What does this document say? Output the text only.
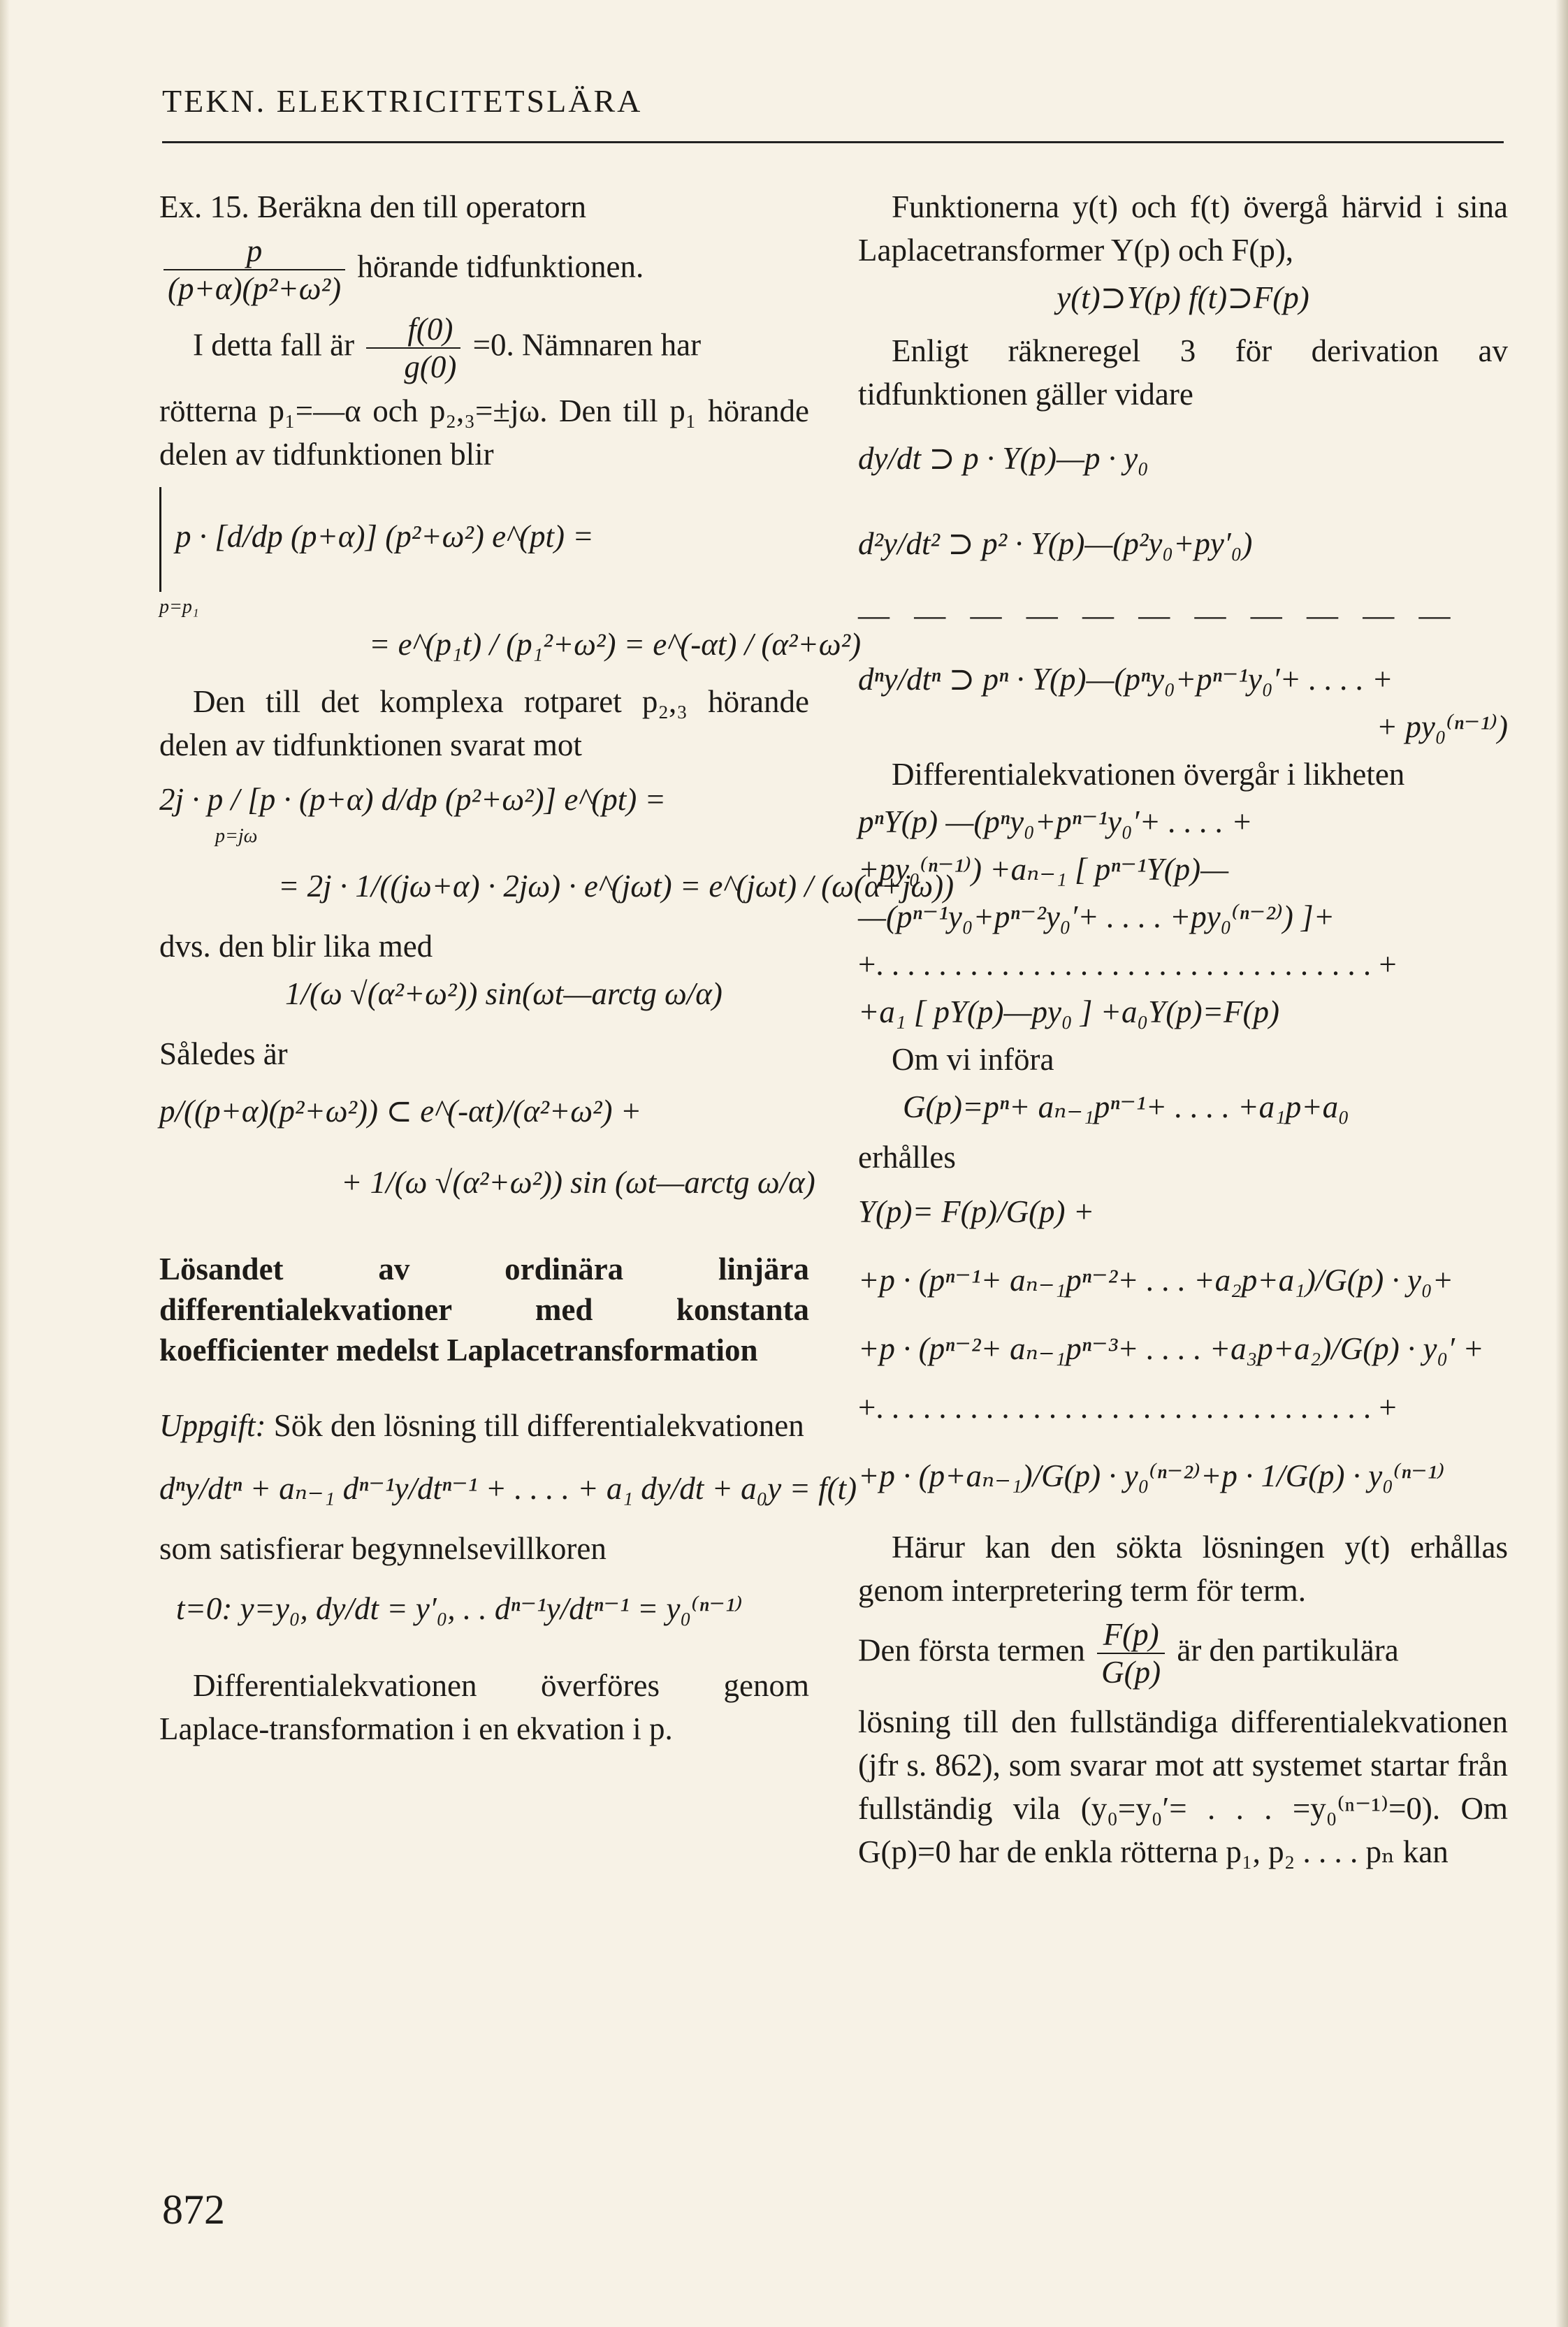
TEKN. ELEKTRICITETSLÄRA

Ex. 15. Beräkna den till operatorn

$\frac{p}{\text{(p+α)(p²+ω²)}}$ hörande tidfunktionen.
I detta fall är $\frac{f(0)}{g(0)} =0$. Nämnaren har

rötterna p₁=—α och p₂,₃=±jω. Den till p₁ hörande delen av tidfunktionen blir

p · [d/dp (p+α)] (p²+ω²) e^(pt) =
p=p₁
= e^(p₁t) / (p₁²+ω²) = e^(-αt) / (α²+ω²)

Den till det komplexa rotparet p₂,₃ hörande delen av tidfunktionen svarat mot

2j · p / [p · (p+α) d/dp (p²+ω²)] e^(pt) =
p=jω
= 2j · 1/((jω+α) · 2jω) · e^(jωt) = e^(jωt) / (ω(α+jω))

dvs. den blir lika med

1/(ω √(α²+ω²)) sin(ωt—arctg ω/α)

Således är

p/((p+α)(p²+ω²)) ⊂ e^(-αt)/(α²+ω²) +
+ 1/(ω √(α²+ω²)) sin (ωt—arctg ω/α)

Lösandet av ordinära linjära differentialekvationer med konstanta koefficienter medelst Laplacetransformation

Uppgift: Sök den lösning till differentialekvationen

dⁿy/dtⁿ + aₙ₋₁ dⁿ⁻¹y/dtⁿ⁻¹ + . . . . + a₁ dy/dt + a₀y = f(t)

som satisfierar begynnelsevillkoren

t=0: y=y₀, dy/dt = y′₀, . . dⁿ⁻¹y/dtⁿ⁻¹ = y₀⁽ⁿ⁻¹⁾

Differentialekvationen överföres genom Laplace-transformation i en ekvation i p.

Funktionerna y(t) och f(t) övergå härvid i sina Laplacetransformer Y(p) och F(p),

y(t)⊃Y(p) f(t)⊃F(p)

Enligt räkneregel 3 för derivation av tidfunktionen gäller vidare

dy/dt ⊃ p · Y(p)—p · y₀
d²y/dt² ⊃ p² · Y(p)—(p²y₀+py′₀)
— — — — — — — — — — —
dⁿy/dtⁿ ⊃ pⁿ · Y(p)—(pⁿy₀+pⁿ⁻¹y₀′+ . . . . +
+ py₀⁽ⁿ⁻¹⁾)

Differentialekvationen övergår i likheten

pⁿY(p) —(pⁿy₀+pⁿ⁻¹y₀′+ . . . . +
+py₀⁽ⁿ⁻¹⁾) +aₙ₋₁ [ pⁿ⁻¹Y(p)—
—(pⁿ⁻¹y₀+pⁿ⁻²y₀′+ . . . . +py₀⁽ⁿ⁻²⁾) ]+
+. . . . . . . . . . . . . . . . . . . . . . . . . . . . . . . . +
+a₁ [ pY(p)—py₀ ] +a₀Y(p)=F(p)

Om vi införa

G(p)=pⁿ+ aₙ₋₁pⁿ⁻¹+ . . . . +a₁p+a₀

erhålles

Y(p)= F(p)/G(p) +
+p · (pⁿ⁻¹+ aₙ₋₁pⁿ⁻²+ . . . +a₂p+a₁)/G(p) · y₀+
+p · (pⁿ⁻²+ aₙ₋₁pⁿ⁻³+ . . . . +a₃p+a₂)/G(p) · y₀′ +
+. . . . . . . . . . . . . . . . . . . . . . . . . . . . . . . . +
+p · (p+aₙ₋₁)/G(p) · y₀⁽ⁿ⁻²⁾+p · 1/G(p) · y₀⁽ⁿ⁻¹⁾

Härur kan den sökta lösningen y(t) erhållas genom interpretering term för term.

Den första termen $\frac{F(p)}{G(p)}$ är den partikulära

lösning till den fullständiga differentialekvationen (jfr s. 862), som svarar mot att systemet startar från fullständig vila (y₀=y₀′= . . . =y₀⁽ⁿ⁻¹⁾=0). Om G(p)=0 har de enkla rötterna p₁, p₂ . . . . pₙ kan

872
